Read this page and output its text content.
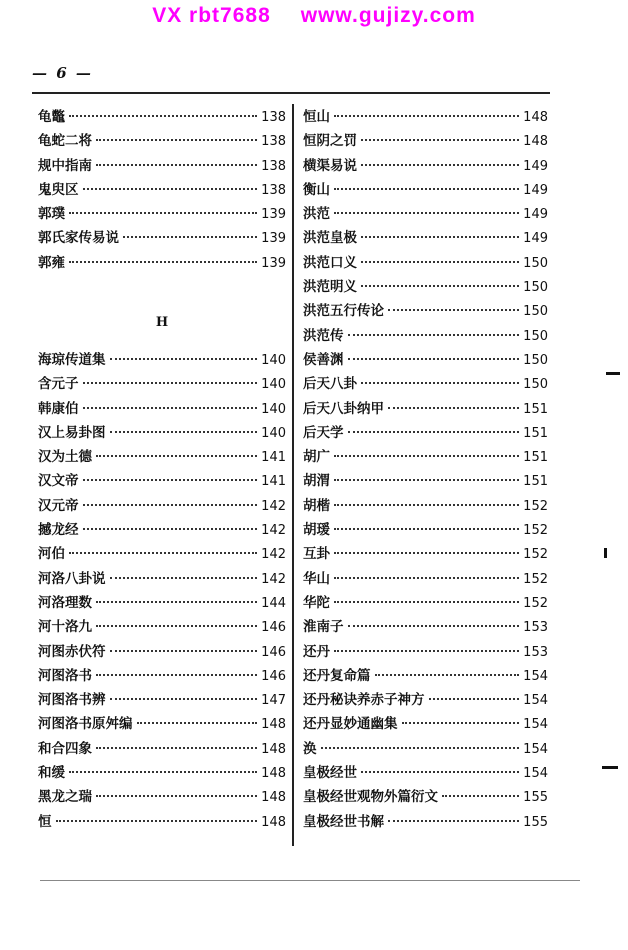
VX rbt7688 www.gujizy.com
— 6 —
龟鼈	138
龟蛇二将	138
规中指南	138
鬼臾区	138
郭璞	139
郭氏家传易说	139
郭雍	139
H
海琼传道集	140
含元子	140
韩康伯	140
汉上易卦图	140
汉为土德	141
汉文帝	141
汉元帝	142
撼龙经	142
河伯	142
河洛八卦说	142
河洛理数	144
河十洛九	146
河图赤伏符	146
河图洛书	146
河图洛书辨	147
河图洛书原舛编	148
和合四象	148
和缓	148
黑龙之瑞	148
恒	148
恒山	148
恒阴之罚	148
横渠易说	149
衡山	149
洪范	149
洪范皇极	149
洪范口义	150
洪范明义	150
洪范五行传论	150
洪范传	150
侯善渊	150
后天八卦	150
后天八卦纳甲	151
后天学	151
胡广	151
胡渭	151
胡楷	152
胡瑗	152
互卦	152
华山	152
华陀	152
淮南子	153
还丹	153
还丹复命篇	154
还丹秘诀养赤子神方	154
还丹显妙通幽集	154
涣	154
皇极经世	154
皇极经世观物外篇衍文	155
皇极经世书解	155
